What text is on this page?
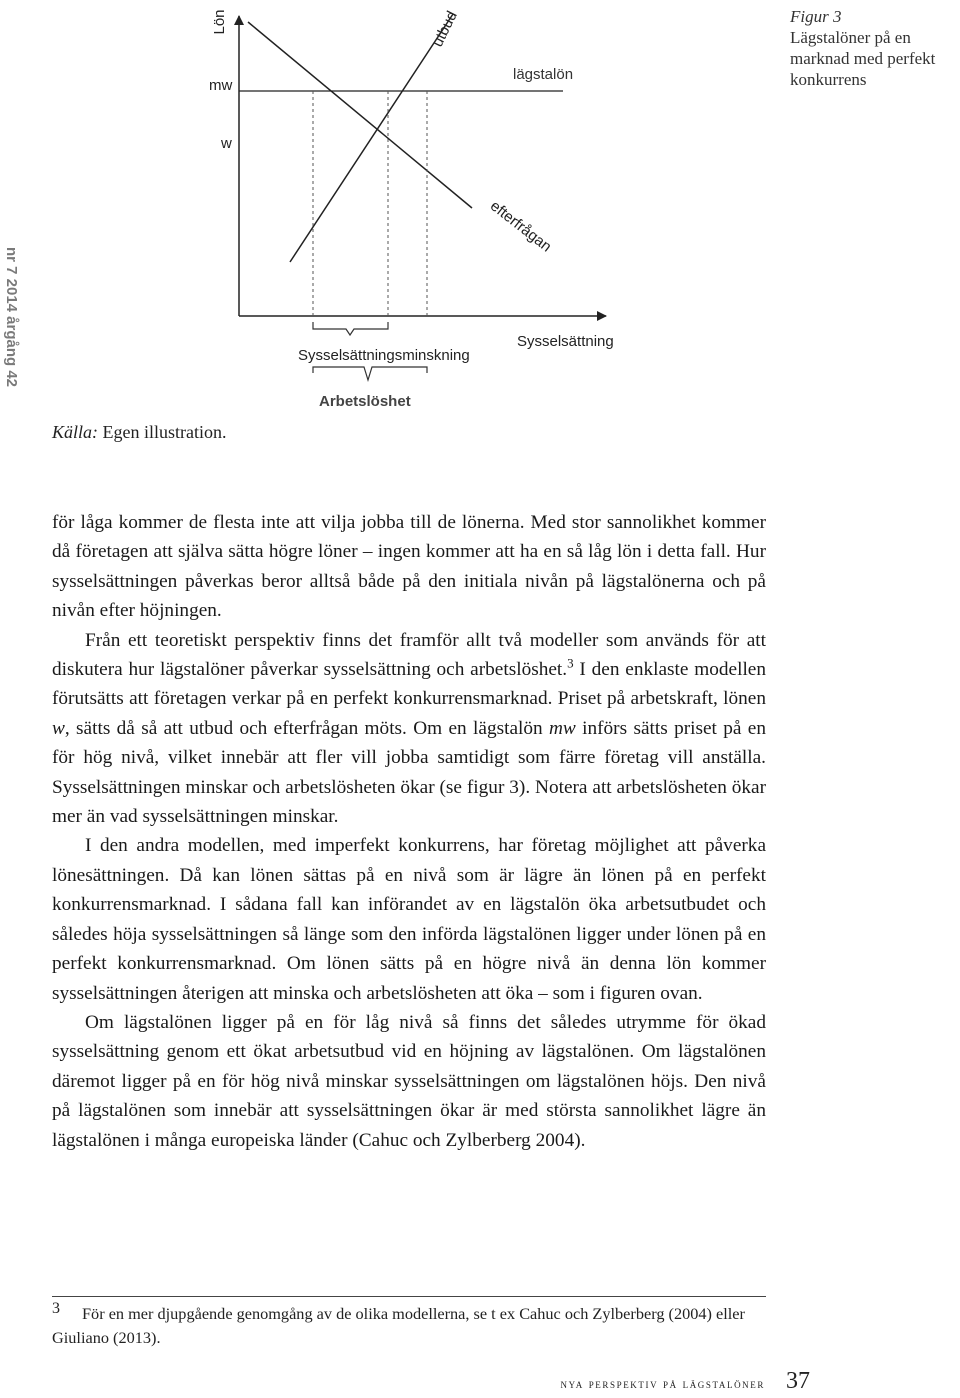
nr 7 2014 årgång 42
Lön
mw
w
utbud
efterfrågan
lägstalön
Sysselsättning
Sysselsättningsminskning
Arbetslöshet
Figur 3
Lägstalöner på en marknad med perfekt konkurrens
Källa: Egen illustration.

för låga kommer de flesta inte att vilja jobba till de lönerna. Med stor sannolikhet kommer då företagen att själva sätta högre löner – ingen kommer att ha en så låg lön i detta fall. Hur sysselsättningen påverkas beror alltså både på den initiala nivån på lägstalönerna och på nivån efter höjningen.

Från ett teoretiskt perspektiv finns det framför allt två modeller som används för att diskutera hur lägstalöner påverkar sysselsättning och arbetslöshet.$^3$ I den enklaste modellen förutsätts att företagen verkar på en perfekt konkurrensmarknad. Priset på arbetskraft, lönen w, sätts då så att utbud och efterfrågan möts. Om en lägstalön mw införs sätts priset på en för hög nivå, vilket innebär att fler vill jobba samtidigt som färre företag vill anställa. Sysselsättningen minskar och arbetslösheten ökar (se figur 3). Notera att arbetslösheten ökar mer än vad sysselsättningen minskar.

I den andra modellen, med imperfekt konkurrens, har företag möjlighet att påverka lönesättningen. Då kan lönen sättas på en nivå som är lägre än lönen på en perfekt konkurrensmarknad. I sådana fall kan införandet av en lägstalön öka arbetsutbudet och således höja sysselsättningen så länge som den införda lägstalönen ligger under lönen på en perfekt konkurrensmarknad. Om lönen sätts på en högre nivå än denna lön kommer sysselsättningen återigen att minska och arbetslösheten att öka – som i figuren ovan.

Om lägstalönen ligger på en för låg nivå så finns det således utrymme för ökad sysselsättning genom ett ökat arbetsutbud vid en höjning av lägstalönen. Om lägstalönen däremot ligger på en för hög nivå minskar sysselsättningen om lägstalönen höjs. Den nivå på lägstalönen som innebär att sysselsättningen ökar är med största sannolikhet lägre än lägstalönen i många europeiska länder (Cahuc och Zylberberg 2004).

3 För en mer djupgående genomgång av de olika modellerna, se t ex Cahuc och Zylberberg (2004) eller Giuliano (2013).
nya perspektiv på lägstalöner 37
